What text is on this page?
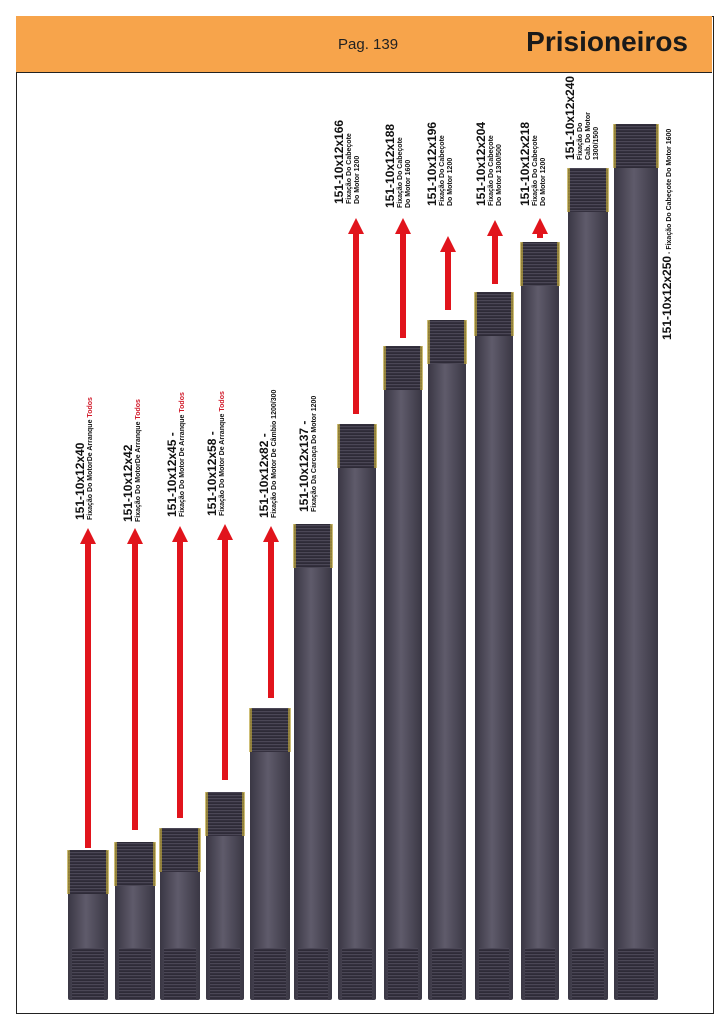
Pag. 139	Prisioneiros
151-10x12x40 Fixação Do MotorDe Arranque Todos
151-10x12x42 Fixação Do MotorDe Arranque Todos
151-10x12x45 - Fixação Do Motor De Arranque Todos
151-10x12x58 - Fixação Do Motor De Arranque Todos
151-10x12x82 - Fixação Do Motor De Câmbio 1200/300 151-10x12x137 - Fixação Da Carcaça Do Motor 1200
151-10x12x166 Fixação Do Cabeçote Do Motor 1200 151-10x12x188 Fixação Do Cabeçote Do Motor 1600 151-10x12x196 Fixação Do Cabeçote Do Motor 1200 151-10x12x204 Fixação Do Cabeçote Do Motor 1300/500 151-10x12x218 Fixação Do Cabeçote Do Motor 1200
151-10x12x240 Fixação Do Cab. Do Motor 1300/1500
151-10x12x250 - Fixação Do Cabeçote Do Motor 1600
